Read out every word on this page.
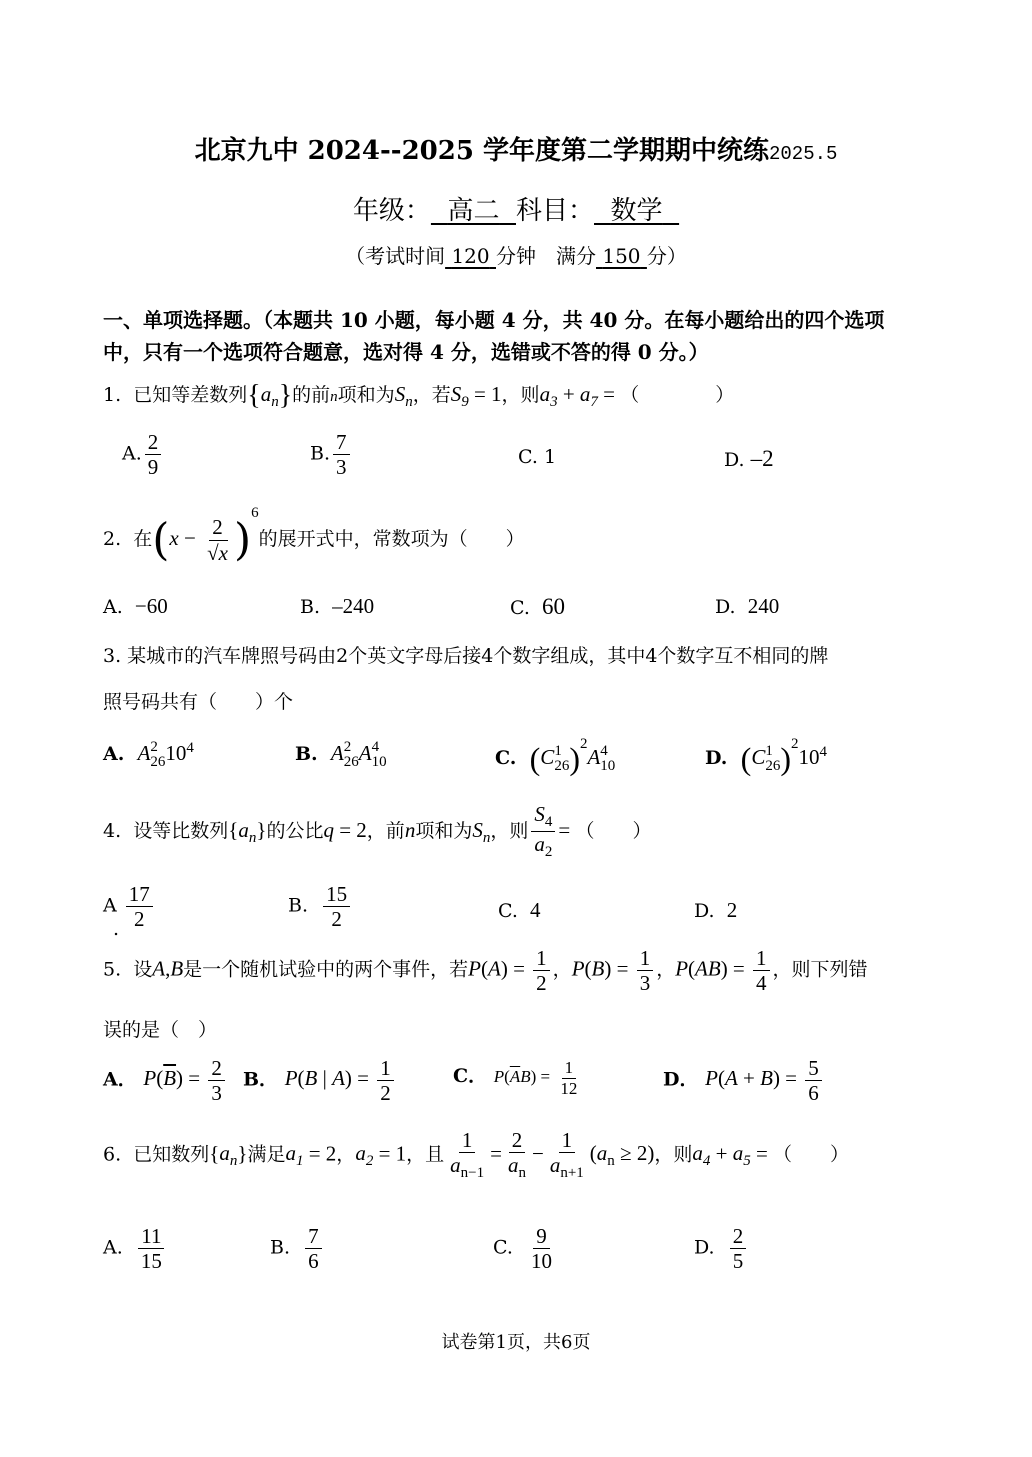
北京九中 2024--2025 学年度第二学期期中统练2025.5
年级： 高二 科目： 数学
（考试时间 120 分钟　满分 150 分）
一、单项选择题。（本题共 10 小题，每小题 4 分，共 40 分。在每小题给出的四个选项
中，只有一个选项符合题意，选对得 4 分，选错或不答的得 0 分。）
1. 已知等差数列$\{a_n\}$的前n项和为$S_n$，若$S_9 = 1$，则$a_3 + a_7$ = （　　　　）
A. $\frac{2}{9}$	B. $\frac{7}{3}$	C. 1	D. –2
2. 在$(x - \frac{2}{√x} )^6$的展开式中，常数项为（　　）
A. −60	B. –240	C. 60	D. 240
3. 某城市的汽车牌照号码由2个英文字母后接4个数字组成，其中4个数字互不相同的牌
照号码共有（　　）个
A. A 2
26 $10^4$	B. A 2
26 A 4
10	C. (C 1
26 )$^2$A 4
10	D. (C 1
26 )$^210^4$
4. 设等比数列$\{a_n\}$的公比q = 2，前n项和为$S_n$，则 $\frac{S_4}{a_2}$ = （　　）
A $\frac{17}{2}$
.
B. $\frac{15}{2}$	C. 4	D. 2
5. 设A,B是一个随机试验中的两个事件，若$P(A) = \frac{1}{2}$ ，$P(B) = \frac{1}{3}$ ，$P(AB) = \frac{1}{4}$ ，则下列错
误的是（　）
A． $P(\overline{B}) = \frac{2}{3}$ B． P(B | $A) = \frac{1}{2}$	C． $P(\overline{A}B) = \frac{1}{12}$	D． $P(A + B) = \frac{5}{6}$
6. 已知数列$\{a_n\}$满足$a_1 = 2$，$a_2 = 1$，且 $\frac{1}{a_{n-1}} = \frac{2}{a_n} - \frac{1}{a_{n+1}} (a_n \ge 2)$，则$a_4 + a_5$ = （　　）
A. $\frac{11}{15}$	B. $\frac{7}{6}$	C. $\frac{9}{10}$	D. $\frac{2}{5}$
试卷第1页，共6页
